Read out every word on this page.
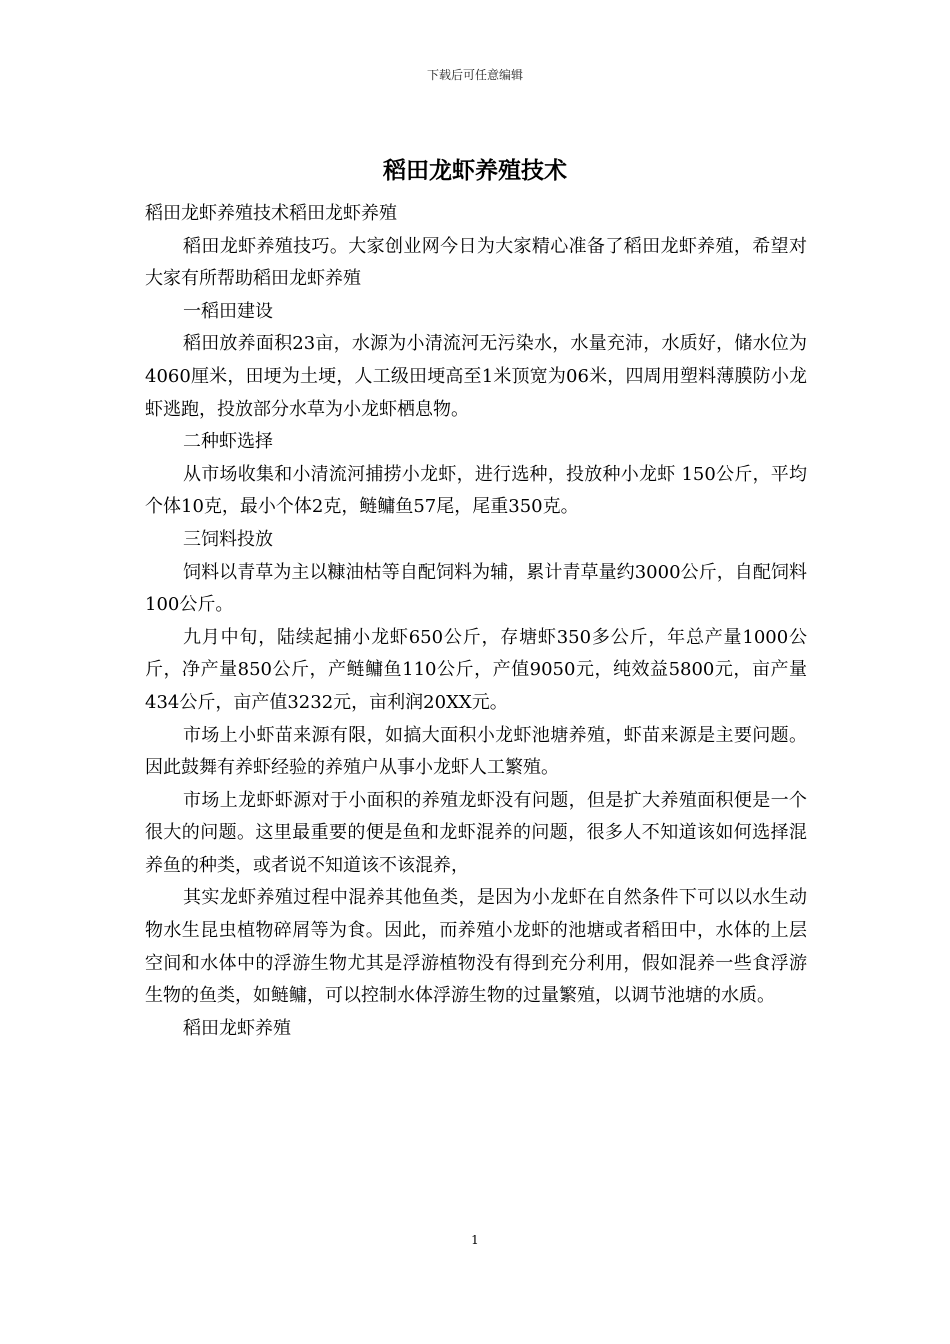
下载后可任意编辑
稻田龙虾养殖技术

稻田龙虾养殖技术稻田龙虾养殖

稻田龙虾养殖技巧。大家创业网今日为大家精心准备了稻田龙虾养殖，希望对大家有所帮助稻田龙虾养殖

一稻田建设

稻田放养面积23亩，水源为小清流河无污染水，水量充沛，水质好，储水位为4060厘米，田埂为土埂，人工级田埂高至1米顶宽为06米，四周用塑料薄膜防小龙虾逃跑，投放部分水草为小龙虾栖息物。

二种虾选择

从市场收集和小清流河捕捞小龙虾，进行选种，投放种小龙虾 150公斤，平均个体10克，最小个体2克，鲢鳙鱼57尾，尾重350克。

三饲料投放

饲料以青草为主以糠油枯等自配饲料为辅，累计青草量约3000公斤，自配饲料100公斤。

九月中旬，陆续起捕小龙虾650公斤，存塘虾350多公斤，年总产量1000公斤，净产量850公斤，产鲢鳙鱼110公斤，产值9050元，纯效益5800元，亩产量434公斤，亩产值3232元，亩利润20XX元。

市场上小虾苗来源有限，如搞大面积小龙虾池塘养殖，虾苗来源是主要问题。因此鼓舞有养虾经验的养殖户从事小龙虾人工繁殖。

市场上龙虾虾源对于小面积的养殖龙虾没有问题，但是扩大养殖面积便是一个很大的问题。这里最重要的便是鱼和龙虾混养的问题，很多人不知道该如何选择混养鱼的种类，或者说不知道该不该混养，

其实龙虾养殖过程中混养其他鱼类，是因为小龙虾在自然条件下可以以水生动物水生昆虫植物碎屑等为食。因此，而养殖小龙虾的池塘或者稻田中，水体的上层空间和水体中的浮游生物尤其是浮游植物没有得到充分利用，假如混养一些食浮游生物的鱼类，如鲢鳙，可以控制水体浮游生物的过量繁殖，以调节池塘的水质。

稻田龙虾养殖

1
